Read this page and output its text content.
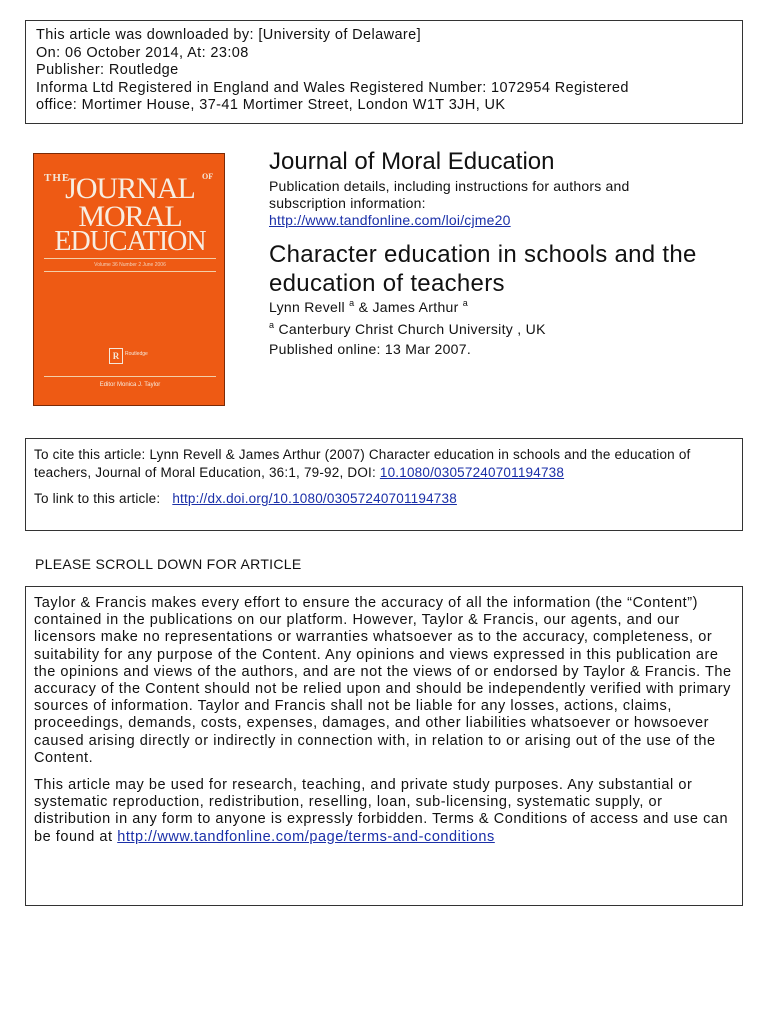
This article was downloaded by: [University of Delaware]
On: 06 October 2014, At: 23:08
Publisher: Routledge
Informa Ltd Registered in England and Wales Registered Number: 1072954 Registered
office: Mortimer House, 37-41 Mortimer Street, London W1T 3JH, UK
THE	OF
JOURNAL
MORAL
EDUCATION
Volume 36 Number 2 June 2006
R	Routledge
Editor Monica J. Taylor
Journal of Moral Education
Publication details, including instructions for authors and subscription information:
http://www.tandfonline.com/loi/cjme20
Character education in schools and the education of teachers
Lynn Revell $^a$ & James Arthur $^a$
$^a$ Canterbury Christ Church University , UK
Published online: 13 Mar 2007.
To cite this article: Lynn Revell & James Arthur (2007) Character education in schools and the education of teachers, Journal of Moral Education, 36:1, 79-92, DOI: 10.1080/03057240701194738
To link to this article: http://dx.doi.org/10.1080/03057240701194738
PLEASE SCROLL DOWN FOR ARTICLE

Taylor & Francis makes every effort to ensure the accuracy of all the information (the “Content”) contained in the publications on our platform. However, Taylor & Francis, our agents, and our licensors make no representations or warranties whatsoever as to the accuracy, completeness, or suitability for any purpose of the Content. Any opinions and views expressed in this publication are the opinions and views of the authors, and are not the views of or endorsed by Taylor & Francis. The accuracy of the Content should not be relied upon and should be independently verified with primary sources of information. Taylor and Francis shall not be liable for any losses, actions, claims, proceedings, demands, costs, expenses, damages, and other liabilities whatsoever or howsoever caused arising directly or indirectly in connection with, in relation to or arising out of the use of the Content.

This article may be used for research, teaching, and private study purposes. Any substantial or systematic reproduction, redistribution, reselling, loan, sub-licensing, systematic supply, or distribution in any form to anyone is expressly forbidden. Terms & Conditions of access and use can be found at http://www.tandfonline.com/page/terms-and-conditions
